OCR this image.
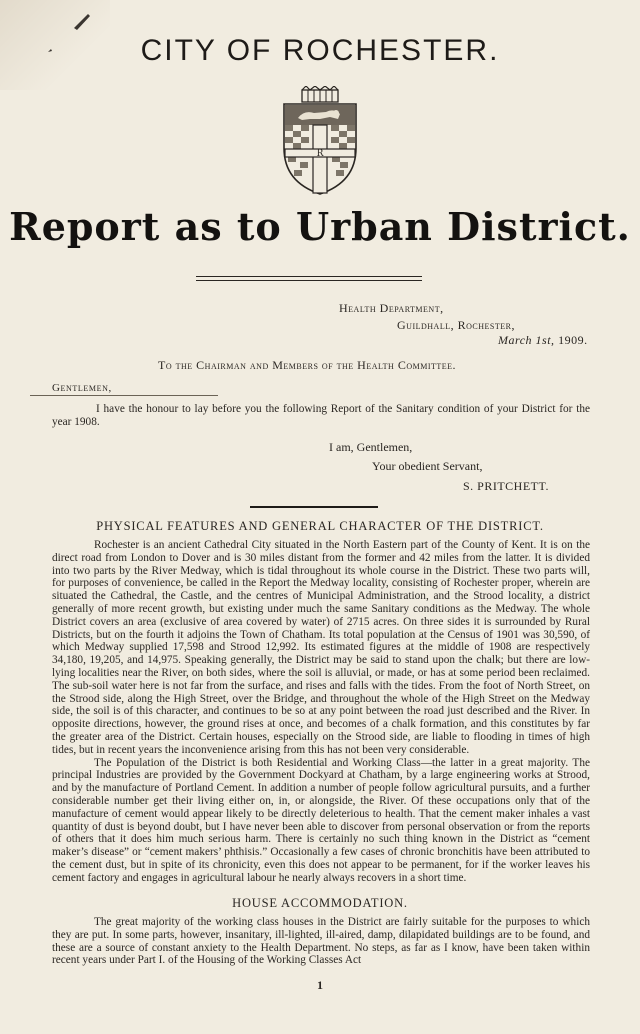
CITY OF ROCHESTER.
R
Report as to Urban District.
Health Department,
Guildhall, Rochester,
March 1st, 1909.
To the Chairman and Members of the Health Committee.
Gentlemen,
I have the honour to lay before you the following Report of the Sanitary condition of your District for the year 1908.
I am, Gentlemen,
Your obedient Servant,
S. PRITCHETT.
PHYSICAL FEATURES AND GENERAL CHARACTER OF THE DISTRICT.

Rochester is an ancient Cathedral City situated in the North Eastern part of the County of Kent. It is on the direct road from London to Dover and is 30 miles distant from the former and 42 miles from the latter. It is divided into two parts by the River Medway, which is tidal throughout its whole course in the District. These two parts will, for purposes of convenience, be called in the Report the Medway locality, consisting of Rochester proper, wherein are situated the Cathedral, the Castle, and the centres of Municipal Administration, and the Strood locality, a district generally of more recent growth, but existing under much the same Sanitary conditions as the Medway. The whole District covers an area (exclusive of area covered by water) of 2715 acres. On three sides it is surrounded by Rural Districts, but on the fourth it adjoins the Town of Chatham. Its total population at the Census of 1901 was 30,590, of which Medway supplied 17,598 and Strood 12,992. Its estimated figures at the middle of 1908 are respectively 34,180, 19,205, and 14,975. Speaking generally, the District may be said to stand upon the chalk; but there are low-lying localities near the River, on both sides, where the soil is alluvial, or made, or has at some period been reclaimed. The sub-soil water here is not far from the surface, and rises and falls with the tides. From the foot of North Street, on the Strood side, along the High Street, over the Bridge, and throughout the whole of the High Street on the Medway side, the soil is of this character, and continues to be so at any point between the road just described and the River. In opposite directions, however, the ground rises at once, and becomes of a chalk formation, and this constitutes by far the greater area of the District. Certain houses, especially on the Strood side, are liable to flooding in times of high tides, but in recent years the inconvenience arising from this has not been very considerable.

The Population of the District is both Residential and Working Class—the latter in a great majority. The principal Industries are provided by the Government Dockyard at Chatham, by a large engineering works at Strood, and by the manufacture of Portland Cement. In addition a number of people follow agricultural pursuits, and a further considerable number get their living either on, in, or alongside, the River. Of these occupations only that of the manufacture of cement would appear likely to be directly deleterious to health. That the cement maker inhales a vast quantity of dust is beyond doubt, but I have never been able to discover from personal observation or from the reports of others that it does him much serious harm. There is certainly no such thing known in the District as “cement maker’s disease” or “cement makers’ phthisis.” Occasionally a few cases of chronic bronchitis have been attributed to the cement dust, but in spite of its chronicity, even this does not appear to be permanent, for if the worker leaves his cement factory and engages in agricultural labour he nearly always recovers in a short time.

HOUSE ACCOMMODATION.

The great majority of the working class houses in the District are fairly suitable for the purposes to which they are put. In some parts, however, insanitary, ill-lighted, ill-aired, damp, dilapidated buildings are to be found, and these are a source of constant anxiety to the Health Department. No steps, as far as I know, have been taken within recent years under Part I. of the Housing of the Working Classes Act

1
